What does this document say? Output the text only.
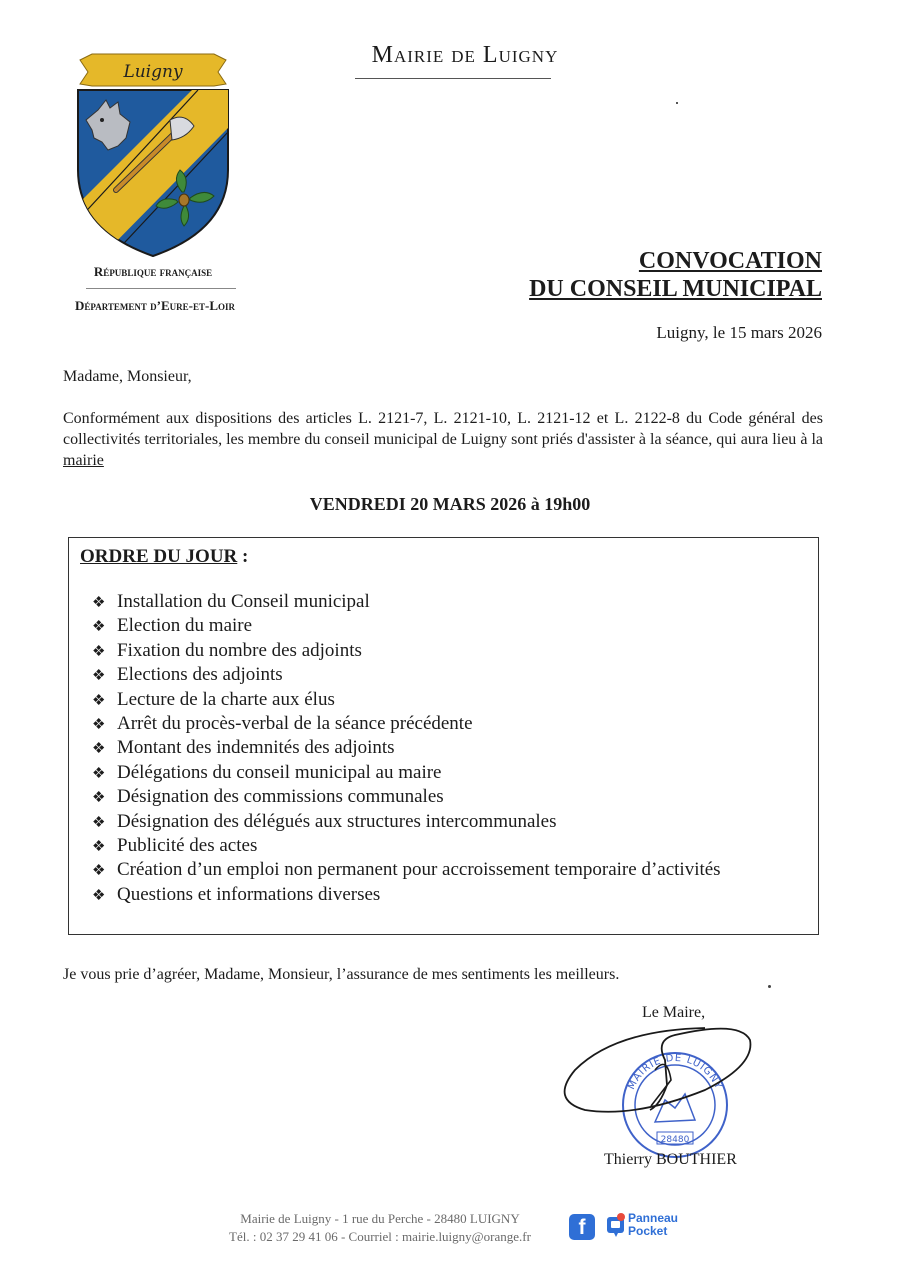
Mairie de Luigny
Luigny
République française
Département d’Eure-et-Loir
CONVOCATION
DU CONSEIL MUNICIPAL
Luigny, le 15 mars 2026
Madame, Monsieur,
Conformément aux dispositions des articles L. 2121-7, L. 2121-10, L. 2121-12 et L. 2122-8 du Code général des collectivités territoriales, les membre du conseil municipal de Luigny sont priés d'assister à la séance, qui aura lieu à la mairie
VENDREDI 20 MARS 2026 à 19h00
ORDRE DU JOUR :
❖ Installation du Conseil municipal
❖ Election du maire
❖ Fixation du nombre des adjoints
❖ Elections des adjoints
❖ Lecture de la charte aux élus
❖ Arrêt du procès-verbal de la séance précédente
❖ Montant des indemnités des adjoints
❖ Délégations du conseil municipal au maire
❖ Désignation des commissions communales
❖ Désignation des délégués aux structures intercommunales
❖ Publicité des actes
❖ Création d’un emploi non permanent pour accroissement temporaire d’activités
❖ Questions et informations diverses
Je vous prie d’agréer, Madame, Monsieur, l’assurance de mes sentiments les meilleurs.
Le Maire,
MAIRIE DE LUIGNY
28480
Thierry BOUTHIER
Mairie de Luigny - 1 rue du Perche - 28480 LUIGNY
Tél. : 02 37 29 41 06 - Courriel : mairie.luigny@orange.fr	f	Panneau
Pocket
